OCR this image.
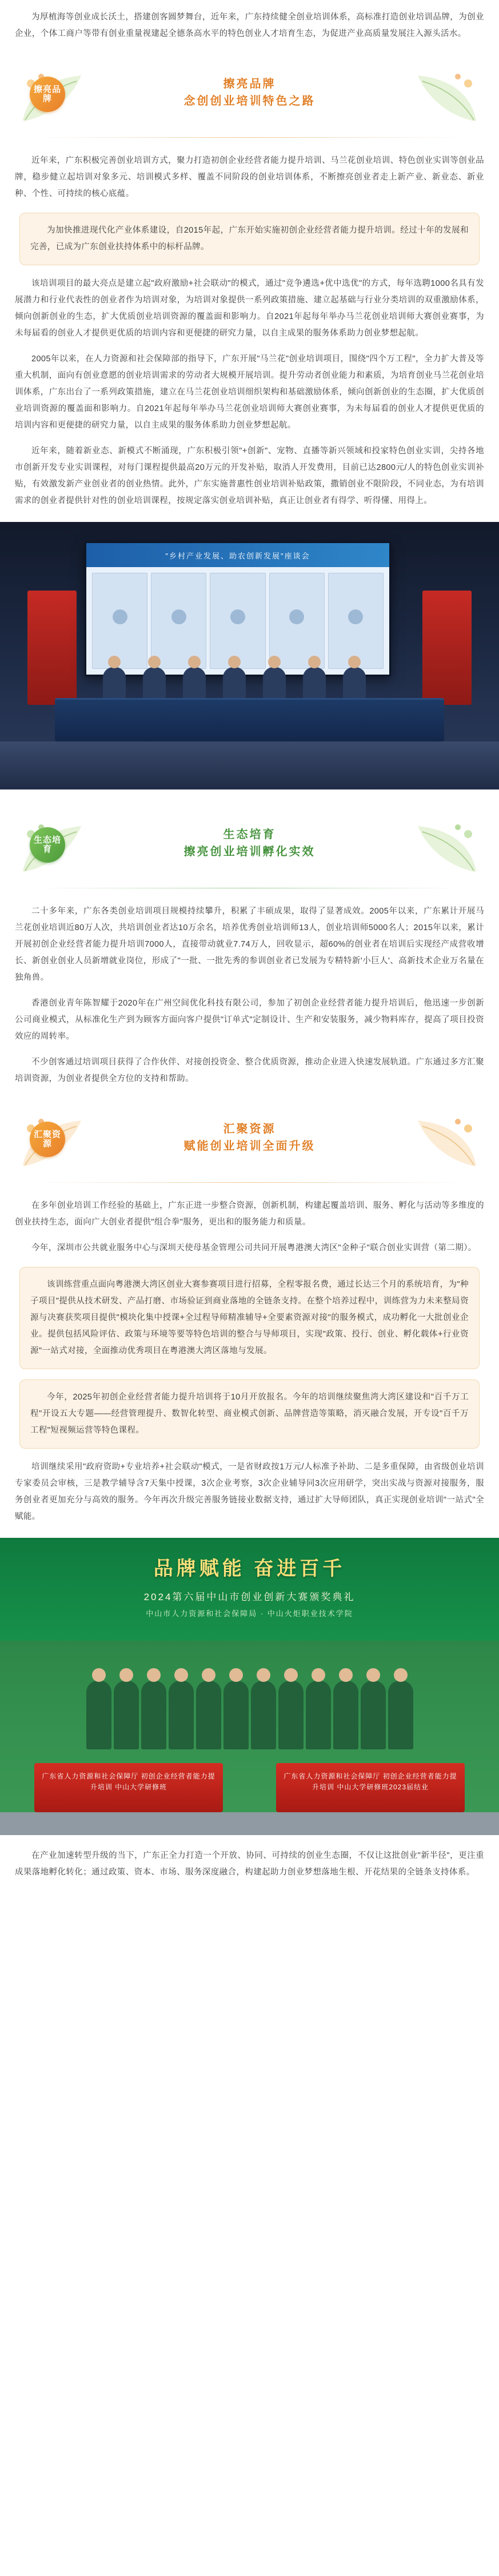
为厚植海等创业成长沃土，搭建创客圆梦舞台，近年来，广东持续健全创业培训体系，高标准打造创业培训品牌，为创业企业，个体工商户等带有创业重量视建起全德条高水平的特色创业人才培育生态，为促进产业高质量发展注入源头活水。

擦亮品牌
擦亮品牌
念创创业培训特色之路

近年来，广东积极完善创业培训方式，聚力打造初创企业经营者能力提升培训、马兰花创业培训、特色创业实训等创业品牌，稳步健立起培训对象多元、培训模式多样、覆盖不同阶段的创业培训体系，不断擦亮创业者走上新产业、新业态、新业种、个性、可持续的核心底蕴。

为加快推进现代化产业体系建设，自2015年起，广东开始实施初创企业经营者能力提升培训。经过十年的发展和完善，已成为广东创业扶持体系中的标杆品牌。

该培训项目的最大亮点是建立起"政府激励+社会联动"的模式，通过"竞争遴选+优中选优"的方式，每年选聘1000名具有发展潜力和行业代表性的创业者作为培训对象，为培训对象提供一系列政策措施、建立起基础与行业分类培训的双重激励体系，倾向创新创业的生态，扩大优质创业培训资源的覆盖面和影响力。自2021年起每年举办马兰花创业培训师大赛创业赛事，为未每届看的创业人才提供更优质的培训内容和更便捷的研究力量，以自主成果的服务体系助力创业梦想起航。

2005年以来，在人力资源和社会保障部的指导下，广东开展"马兰花"创业培训项目，围绕"四个万工程"，全力扩大普及等重大机制，面向有创业意愿的创业培训需求的劳动者大规模开展培训。提升劳动者创业能力和素质，为培育创业马兰花创业培训体系，广东出台了一系列政策措施，建立在马兰花创业培训细织架构和基础激励体系，倾向创新创业的生态圈，扩大优质创业培训资源的覆盖面和影响力。自2021年起每年举办马兰花创业培训师大赛创业赛事，为未每届看的创业人才提供更优质的培训内容和更便捷的研究力量，以自主成果的服务体系助力创业梦想起航。

近年来，随着新业态、新模式不断涌现，广东积极引领"+创新"、宠物、直播等新兴领域和投家特色创业实训，尖持各地市创新开发专业实训课程，对每门课程提供最高20万元的开发补贴，取消人开发费用，目前已达2800元/人的特色创业实训补贴，有效激发新产业创业者的创业热情。此外，广东实施普惠性创业培训补贴政策，撒销创业不限阶段，不同业态，为有培训需求的创业者提供针对性的创业培训课程，按规定落实创业培训补贴，真正让创业者有得学、听得懂、用得上。

"乡村产业发展、助农创新发展"座谈会
生态培育
生态培育
擦亮创业培训孵化实效

二十多年来，广东各类创业培训项目规模持续攀升，积累了丰硕成果，取得了显著成效。2005年以来，广东累计开展马兰花创业培训近80万人次，共培训创业者达10万余名，培养优秀创业培训师13人，创业培训师5000名人；2015年以来，累计开展初创企业经营者能力提升培训7000人，直接带动就业7.74万人，回收显示，超60%的创业者在培训后实现经产成营收增长、新创业创业人员新增就业岗位，形成了"一批、一批先秀的参训创业者已发展为专精特新'小巨人'、高新技术企业万名量在独角兽。

香港创业青年陈智耀于2020年在广州空间优化科技有限公司，参加了初创企业经营者能力提升培训后，他迅速一步创新公司商业模式，从标准化生产到为顾客方面向客户提供"订单式"定制设计、生产和安装服务，减少物料库存，提高了项目投资效应的周转率。

不少创客通过培训项目获得了合作伙伴、对接创投资金、整合优质资源，推动企业进入快速发展轨道。广东通过多方汇聚培训资源，为创业者提供全方位的支持和帮助。

汇聚资源
汇聚资源
赋能创业培训全面升级

在多年创业培训工作经验的基础上，广东正进一步整合资源，创新机制，构建起覆盖培训、服务、孵化与活动等多维度的创业扶持生态，面向广大创业者提供"组合拳"服务，更出和的服务能力和质量。

今年，深圳市公共就业服务中心与深圳天使母基金管理公司共同开展粤港澳大湾区"金种子"联合创业实训营（第二期）。

该训练营重点面向粤港澳大湾区创业大赛参赛项目进行招募，全程零报名费，通过长达三个月的系统培育，为"种子项目"提供从技术研发、产品打磨、市场验证到商业落地的全链条支持。在整个培养过程中，训练营为力未来整局资源与决赛获奖项目提供"模块化集中授课+全过程导师精准辅导+全要素资源对接"的服务模式，成功孵化一大批创业企业。提供包括风险评估、政策与环境等要等特色培训的整合与导师项目，实现"政策、投行、创业、孵化载体+行业资源"一站式对接，全面推动优秀项目在粤港澳大湾区落地与发展。

今年，2025年初创企业经营者能力提升培训将于10月开放报名。今年的培训继续聚焦湾大湾区建设和"百千万工程"开设五大专题——经营管理提升、数智化转型、商业模式创新、品牌营造等策略，消灭融合发展，开专设"百千万工程"短视频运营等特色课程。

培训继续采用"政府资助+专业培养+社会联动"模式，一是省财政按1万元/人标准予补助、二是多重保障，由省级创业培训专家委员会审核，三是教学辅导含7天集中授课，3次企业考察，3次企业辅导同3次应用研学，突出实战与资源对接服务，服务创业者更加充分与高效的服务。今年再次升级完善服务链接业数据支持，通过扩大导师团队，真正实现创业培训"一站式"全赋能。

品牌赋能 奋进百千
2024第六届中山市创业创新大赛颁奖典礼
中山市人力资源和社会保障局 · 中山火炬职业技术学院
广东省人力资源和社会保障厅 初创企业经营者能力提升培训 中山大学研修班
广东省人力资源和社会保障厅 初创企业经营者能力提升培训 中山大学研修班2023届结业

在产业加速转型升级的当下，广东正全力打造一个开放、协同、可持续的创业生态圈，不仅让这批创业"新半径"，更注重成果落地孵化转化；通过政策、资本、市场、服务深度融合，构建起助力创业梦想落地生根、开花结果的全链条支持体系。
